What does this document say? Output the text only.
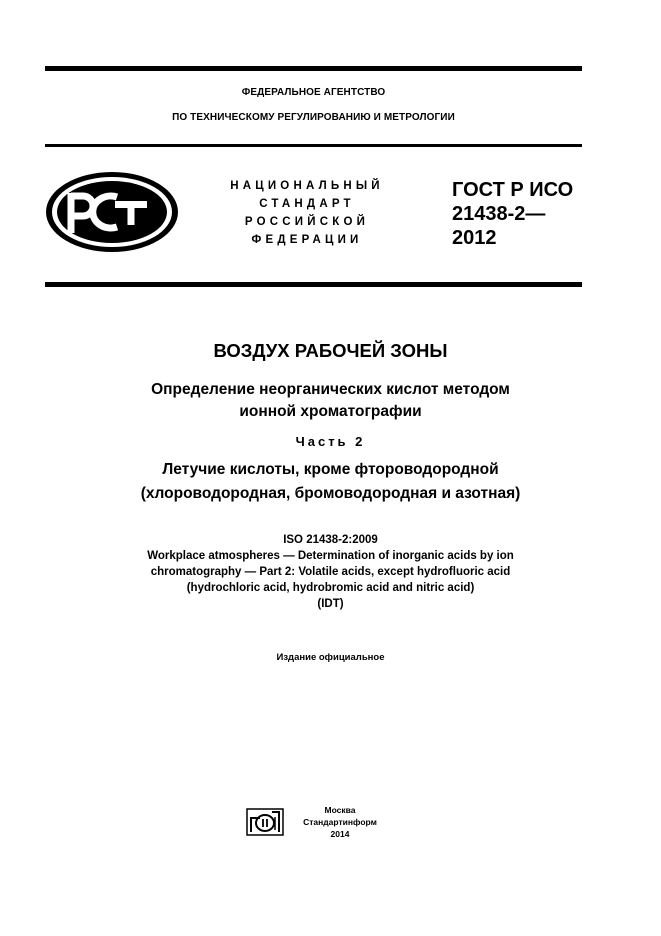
ФЕДЕРАЛЬНОЕ АГЕНТСТВО
ПО ТЕХНИЧЕСКОМУ РЕГУЛИРОВАНИЮ И МЕТРОЛОГИИ
НАЦИОНАЛЬНЫЙ
СТАНДАРТ
РОССИЙСКОЙ
ФЕДЕРАЦИИ
ГОСТ Р ИСО
21438-2—
2012
ВОЗДУХ РАБОЧЕЙ ЗОНЫ
Определение неорганических кислот методом
ионной хроматографии
Часть 2
Летучие кислоты, кроме фтороводородной
(хлороводородная, бромоводородная и азотная)
ISO 21438-2:2009
Workplace atmospheres — Determination of inorganic acids by ion
chromatography — Part 2: Volatile acids, except hydrofluoric acid
(hydrochloric acid, hydrobromic acid and nitric acid)
(IDT)
Издание официальное
Москва
Стандартинформ
2014
